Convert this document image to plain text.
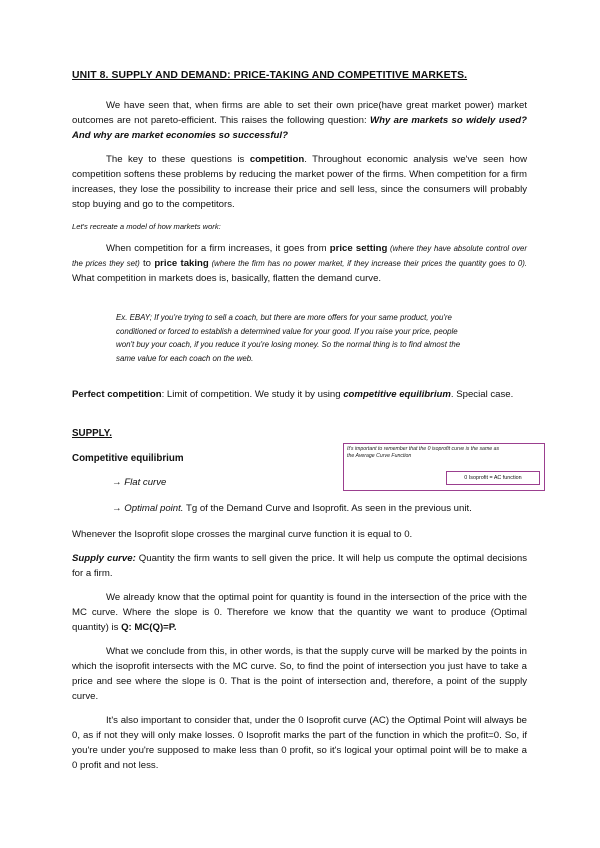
UNIT 8. SUPPLY AND DEMAND: PRICE-TAKING AND COMPETITIVE MARKETS.
We have seen that, when firms are able to set their own price(have great market power) market outcomes are not pareto-efficient. This raises the following question: Why are markets so widely used? And why are market economies so successful?
The key to these questions is competition. Throughout economic analysis we've seen how competition softens these problems by reducing the market power of the firms. When competition for a firm increases, they lose the possibility to increase their price and sell less, since the consumers will probably stop buying and go to the competitors.
Let's recreate a model of how markets work:
When competition for a firm increases, it goes from price setting (where they have absolute control over the prices they set) to price taking (where the firm has no power market, if they increase their prices the quantity goes to 0). What competition in markets does is, basically, flatten the demand curve.
Ex. EBAY; If you're trying to sell a coach, but there are more offers for your same product, you're conditioned or forced to establish a determined value for your good. If you raise your price, people won't buy your coach, if you reduce it you're losing money. So the normal thing is to find almost the same value for each coach on the web.
Perfect competition: Limit of competition. We study it by using competitive equilibrium. Special case.
SUPPLY.
Competitive equilibrium
It's important to remember that the 0 isoprofit curve is the same as the Average Curve Function
0 Isoprofit = AC function
→ Flat curve
→ Optimal point. Tg of the Demand Curve and Isoprofit. As seen in the previous unit.
Whenever the Isoprofit slope crosses the marginal curve function it is equal to 0.
Supply curve: Quantity the firm wants to sell given the price. It will help us compute the optimal decisions for a firm.
We already know that the optimal point for quantity is found in the intersection of the price with the MC curve. Where the slope is 0. Therefore we know that the quantity we want to produce (Optimal quantity) is Q: MC(Q)=P.
What we conclude from this, in other words, is that the supply curve will be marked by the points in which the isoprofit intersects with the MC curve. So, to find the point of intersection you just have to take a price and see where the slope is 0. That is the point of intersection and, therefore, a point of the supply curve.
It's also important to consider that, under the 0 Isoprofit curve (AC) the Optimal Point will always be 0, as if not they will only make losses. 0 Isoprofit marks the part of the function in which the profit=0. So, if you're under you're supposed to make less than 0 profit, so it's logical your optimal point will be to make a 0 profit and not less.
